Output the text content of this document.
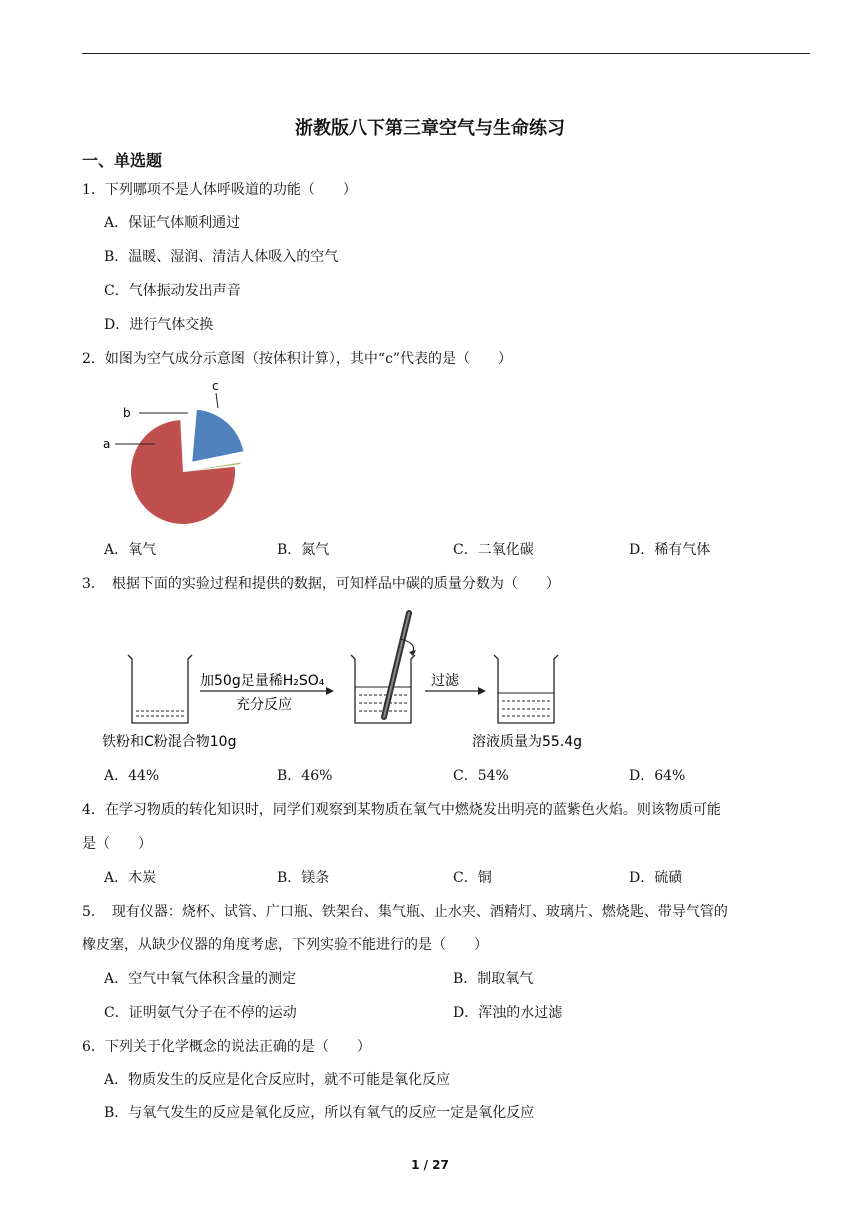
浙教版八下第三章空气与生命练习
一、单选题
1．下列哪项不是人体呼吸道的功能（　　）
A．保证气体顺利通过
B．温暖、湿润、清洁人体吸入的空气
C．气体振动发出声音
D．进行气体交换
2．如图为空气成分示意图（按体积计算），其中“c”代表的是（　　）
a
b
c
A．氧气	B．氮气	C．二氧化碳	D．稀有气体
3．　根据下面的实验过程和提供的数据，可知样品中碳的质量分数为（　　）
加50g足量稀H₂SO₄
充分反应
过滤
铁粉和C粉混合物10g	溶液质量为55.4g
A．44%	B．46%	C．54%	D．64%
4．在学习物质的转化知识时，同学们观察到某物质在氧气中燃烧发出明亮的蓝紫色火焰。则该物质可能
是（　　）
A．木炭	B．镁条	C．铜	D．硫磺
5．　现有仪器：烧杯、试管、广口瓶、铁架台、集气瓶、止水夹、酒精灯、玻璃片、燃烧匙、带导气管的
橡皮塞，从缺少仪器的角度考虑，下列实验不能进行的是（　　）
A．空气中氧气体积含量的测定	B．制取氧气
C．证明氨气分子在不停的运动	D．浑浊的水过滤
6．下列关于化学概念的说法正确的是（　　）
A．物质发生的反应是化合反应时，就不可能是氧化反应
B．与氧气发生的反应是氧化反应，所以有氧气的反应一定是氧化反应
1 / 27
